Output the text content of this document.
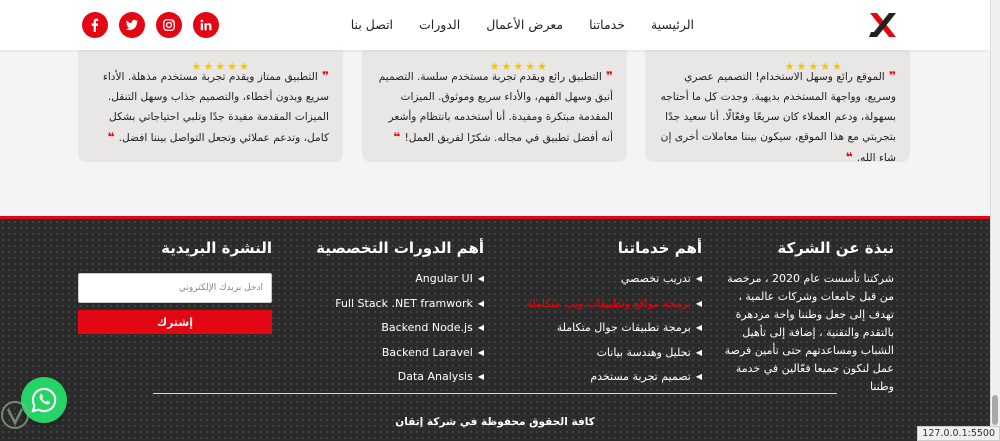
★
★
★
★
★

❞ الموقع رائع وسهل الاستخدام! التصميم عصري وسريع، وواجهة المستخدم بديهية. وجدت كل ما أحتاجه بسهولة، ودعم العملاء كان سريعًا وفعّالًا. أنا سعيد جدًا بتجربتي مع هذا الموقع، سيكون بيننا معاملات أخرى إن شاء الله. ❝

★
★
★
★
★

❞ التطبيق رائع ويقدم تجربة مستخدم سلسة. التصميم أنيق وسهل الفهم، والأداء سريع وموثوق. الميزات المقدمة مبتكرة ومفيدة. أنا أستخدمه بانتظام وأشعر أنه أفضل تطبيق في مجاله. شكرًا لفريق العمل! ❝

★
★
★
★
★

❞ التطبيق ممتاز ويقدم تجربة مستخدم مذهلة. الأداء سريع وبدون أخطاء، والتصميم جذاب وسهل التنقل. الميزات المقدمة مفيدة جدًا وتلبي احتياجاتي بشكل كامل، وتدعم عملائي وتجعل التواصل بيننا افضل. ❝

الرئيسية
خدماتنا
معرض الأعمال
الدورات
اتصل بنا
نبذة عن الشركة

شركتنا تأسست عام 2020 ، مرخصة من قبل جامعات وشركات عالمية ، تهدف إلى جعل وطننا واحة مزدهرة بالتقدم والتقنية ، إضافة إلى تأهيل الشباب ومساعدتهم حتى تأمين فرصة عمل لنكون جميعا فعّالين في خدمة وطننا

أهم خدماتنا
◀
تدريب تخصصي
◀
برمجة مواقع وتطبيقات ويب متكاملة
◀
برمجة تطبيقات جوال متكاملة
◀
تحليل وهندسة بيانات
◀
تصميم تجربة مستخدم
أهم الدورات التخصصية
◀
Angular UI
◀
Full Stack .NET framwork
◀
Backend Node.js
◀
Backend Laravel
◀
Data Analysis
النشرة البريدية
أدخل بريدك الإلكتروني
إشترك

كافة الحقوق محفوظة في شركة إتقان

127.0.0.1:5500
